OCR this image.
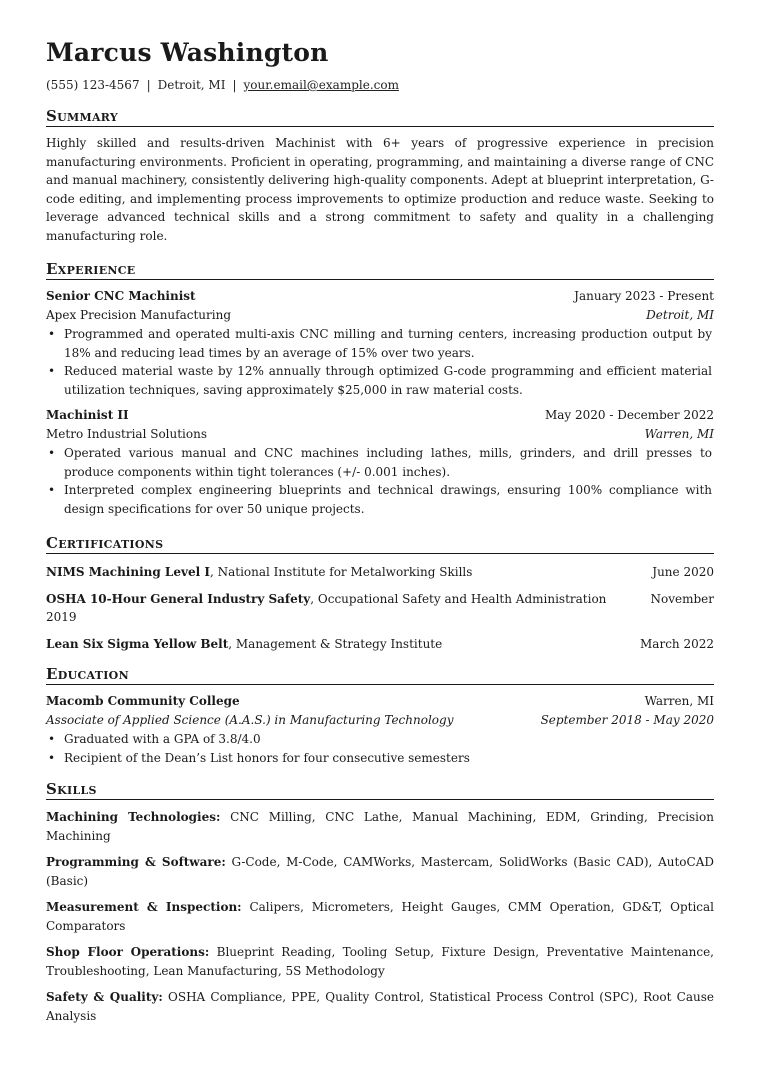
Marcus Washington
(555) 123-4567 | Detroit, MI | your.email@example.com
Summary
Highly skilled and results-driven Machinist with 6+ years of progressive experience in precision manufacturing environments. Proficient in operating, programming, and maintaining a diverse range of CNC and manual machinery, consistently delivering high-quality components. Adept at blueprint interpretation, G-code editing, and implementing process improvements to optimize production and reduce waste. Seeking to leverage advanced technical skills and a strong commitment to safety and quality in a challenging manufacturing role.
Experience
Senior CNC Machinist	January 2023 - Present
Apex Precision Manufacturing	Detroit, MI
• Programmed and operated multi-axis CNC milling and turning centers, increasing production output by 18% and reducing lead times by an average of 15% over two years.
• Reduced material waste by 12% annually through optimized G-code programming and efficient material utilization techniques, saving approximately $25,000 in raw material costs.
Machinist II	May 2020 - December 2022
Metro Industrial Solutions	Warren, MI
• Operated various manual and CNC machines including lathes, mills, grinders, and drill presses to produce components within tight tolerances (+/- 0.001 inches).
• Interpreted complex engineering blueprints and technical drawings, ensuring 100% compliance with design specifications for over 50 unique projects.
Certifications
NIMS Machining Level I, National Institute for Metalworking Skills	June 2020
OSHA 10-Hour General Industry Safety, Occupational Safety and Health Administration	November
2019
Lean Six Sigma Yellow Belt, Management & Strategy Institute	March 2022
Education
Macomb Community College	Warren, MI
Associate of Applied Science (A.A.S.) in Manufacturing Technology	September 2018 - May 2020
• Graduated with a GPA of 3.8/4.0
• Recipient of the Dean’s List honors for four consecutive semesters
Skills
Machining Technologies: CNC Milling, CNC Lathe, Manual Machining, EDM, Grinding, Precision Machining
Programming & Software: G-Code, M-Code, CAMWorks, Mastercam, SolidWorks (Basic CAD), AutoCAD (Basic)
Measurement & Inspection: Calipers, Micrometers, Height Gauges, CMM Operation, GD&T, Optical Comparators
Shop Floor Operations: Blueprint Reading, Tooling Setup, Fixture Design, Preventative Maintenance, Troubleshooting, Lean Manufacturing, 5S Methodology
Safety & Quality: OSHA Compliance, PPE, Quality Control, Statistical Process Control (SPC), Root Cause Analysis
